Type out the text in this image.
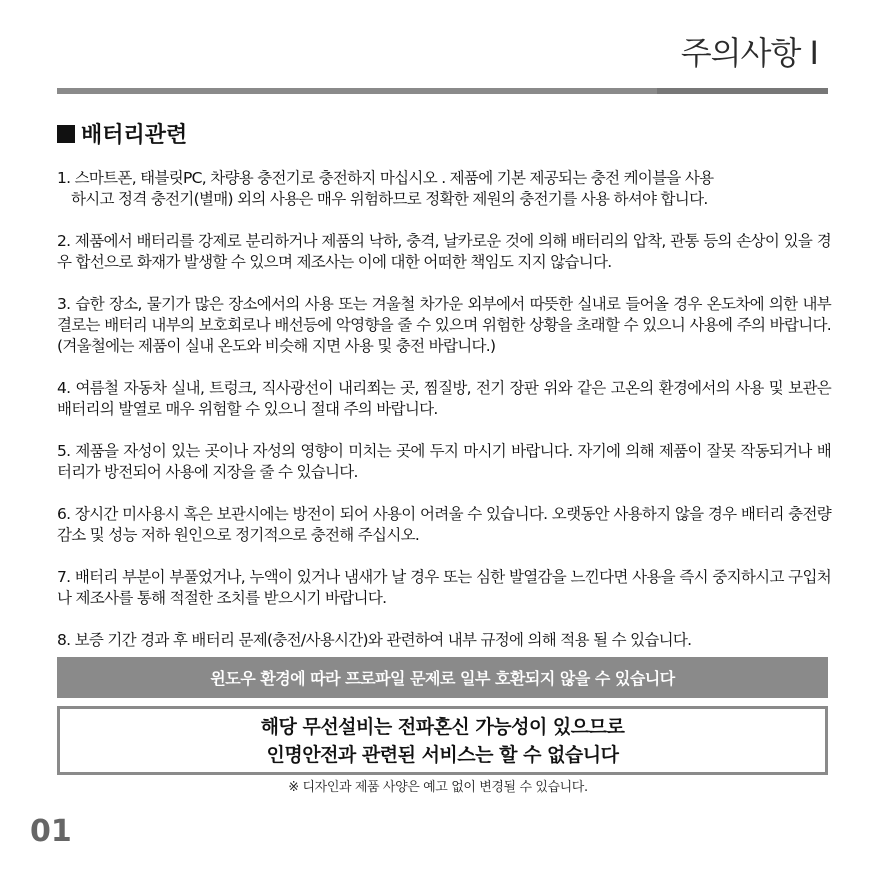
주의사항 I
배터리관련

1. 스마트폰, 태블릿PC, 차량용 충전기로 충전하지 마십시오 . 제품에 기본 제공되는 충전 케이블을 사용
하시고 정격 충전기(별매) 외의 사용은 매우 위험하므로 정확한 제원의 충전기를 사용 하셔야 합니다.

2. 제품에서 배터리를 강제로 분리하거나 제품의 낙하, 충격, 날카로운 것에 의해 배터리의 압착, 관통 등의 손상이 있을 경우 합선으로 화재가 발생할 수 있으며 제조사는 이에 대한 어떠한 책임도 지지 않습니다.

3. 습한 장소, 물기가 많은 장소에서의 사용 또는 겨울철 차가운 외부에서 따뜻한 실내로 들어올 경우 온도차에 의한 내부 결로는 배터리 내부의 보호회로나 배선등에 악영향을 줄 수 있으며 위험한 상황을 초래할 수 있으니 사용에 주의 바랍니다. (겨울철에는 제품이 실내 온도와 비슷해 지면 사용 및 충전 바랍니다.)

4. 여름철 자동차 실내, 트렁크, 직사광선이 내리쬐는 곳, 찜질방, 전기 장판 위와 같은 고온의 환경에서의 사용 및 보관은 배터리의 발열로 매우 위험할 수 있으니 절대 주의 바랍니다.

5. 제품을 자성이 있는 곳이나 자성의 영향이 미치는 곳에 두지 마시기 바랍니다. 자기에 의해 제품이 잘못 작동되거나 배터리가 방전되어 사용에 지장을 줄 수 있습니다.

6. 장시간 미사용시 혹은 보관시에는 방전이 되어 사용이 어려울 수 있습니다. 오랫동안 사용하지 않을 경우 배터리 충전량 감소 및 성능 저하 원인으로 정기적으로 충전해 주십시오.

7. 배터리 부분이 부풀었거나, 누액이 있거나 냄새가 날 경우 또는 심한 발열감을 느낀다면 사용을 즉시 중지하시고 구입처나 제조사를 통해 적절한 조치를 받으시기 바랍니다.

8. 보증 기간 경과 후 배터리 문제(충전/사용시간)와 관련하여 내부 규정에 의해 적용 될 수 있습니다.

윈도우 환경에 따라 프로파일 문제로 일부 호환되지 않을 수 있습니다
해당 무선설비는 전파혼신 가능성이 있으므로
인명안전과 관련된 서비스는 할 수 없습니다
※ 디자인과 제품 사양은 예고 없이 변경될 수 있습니다.
01
